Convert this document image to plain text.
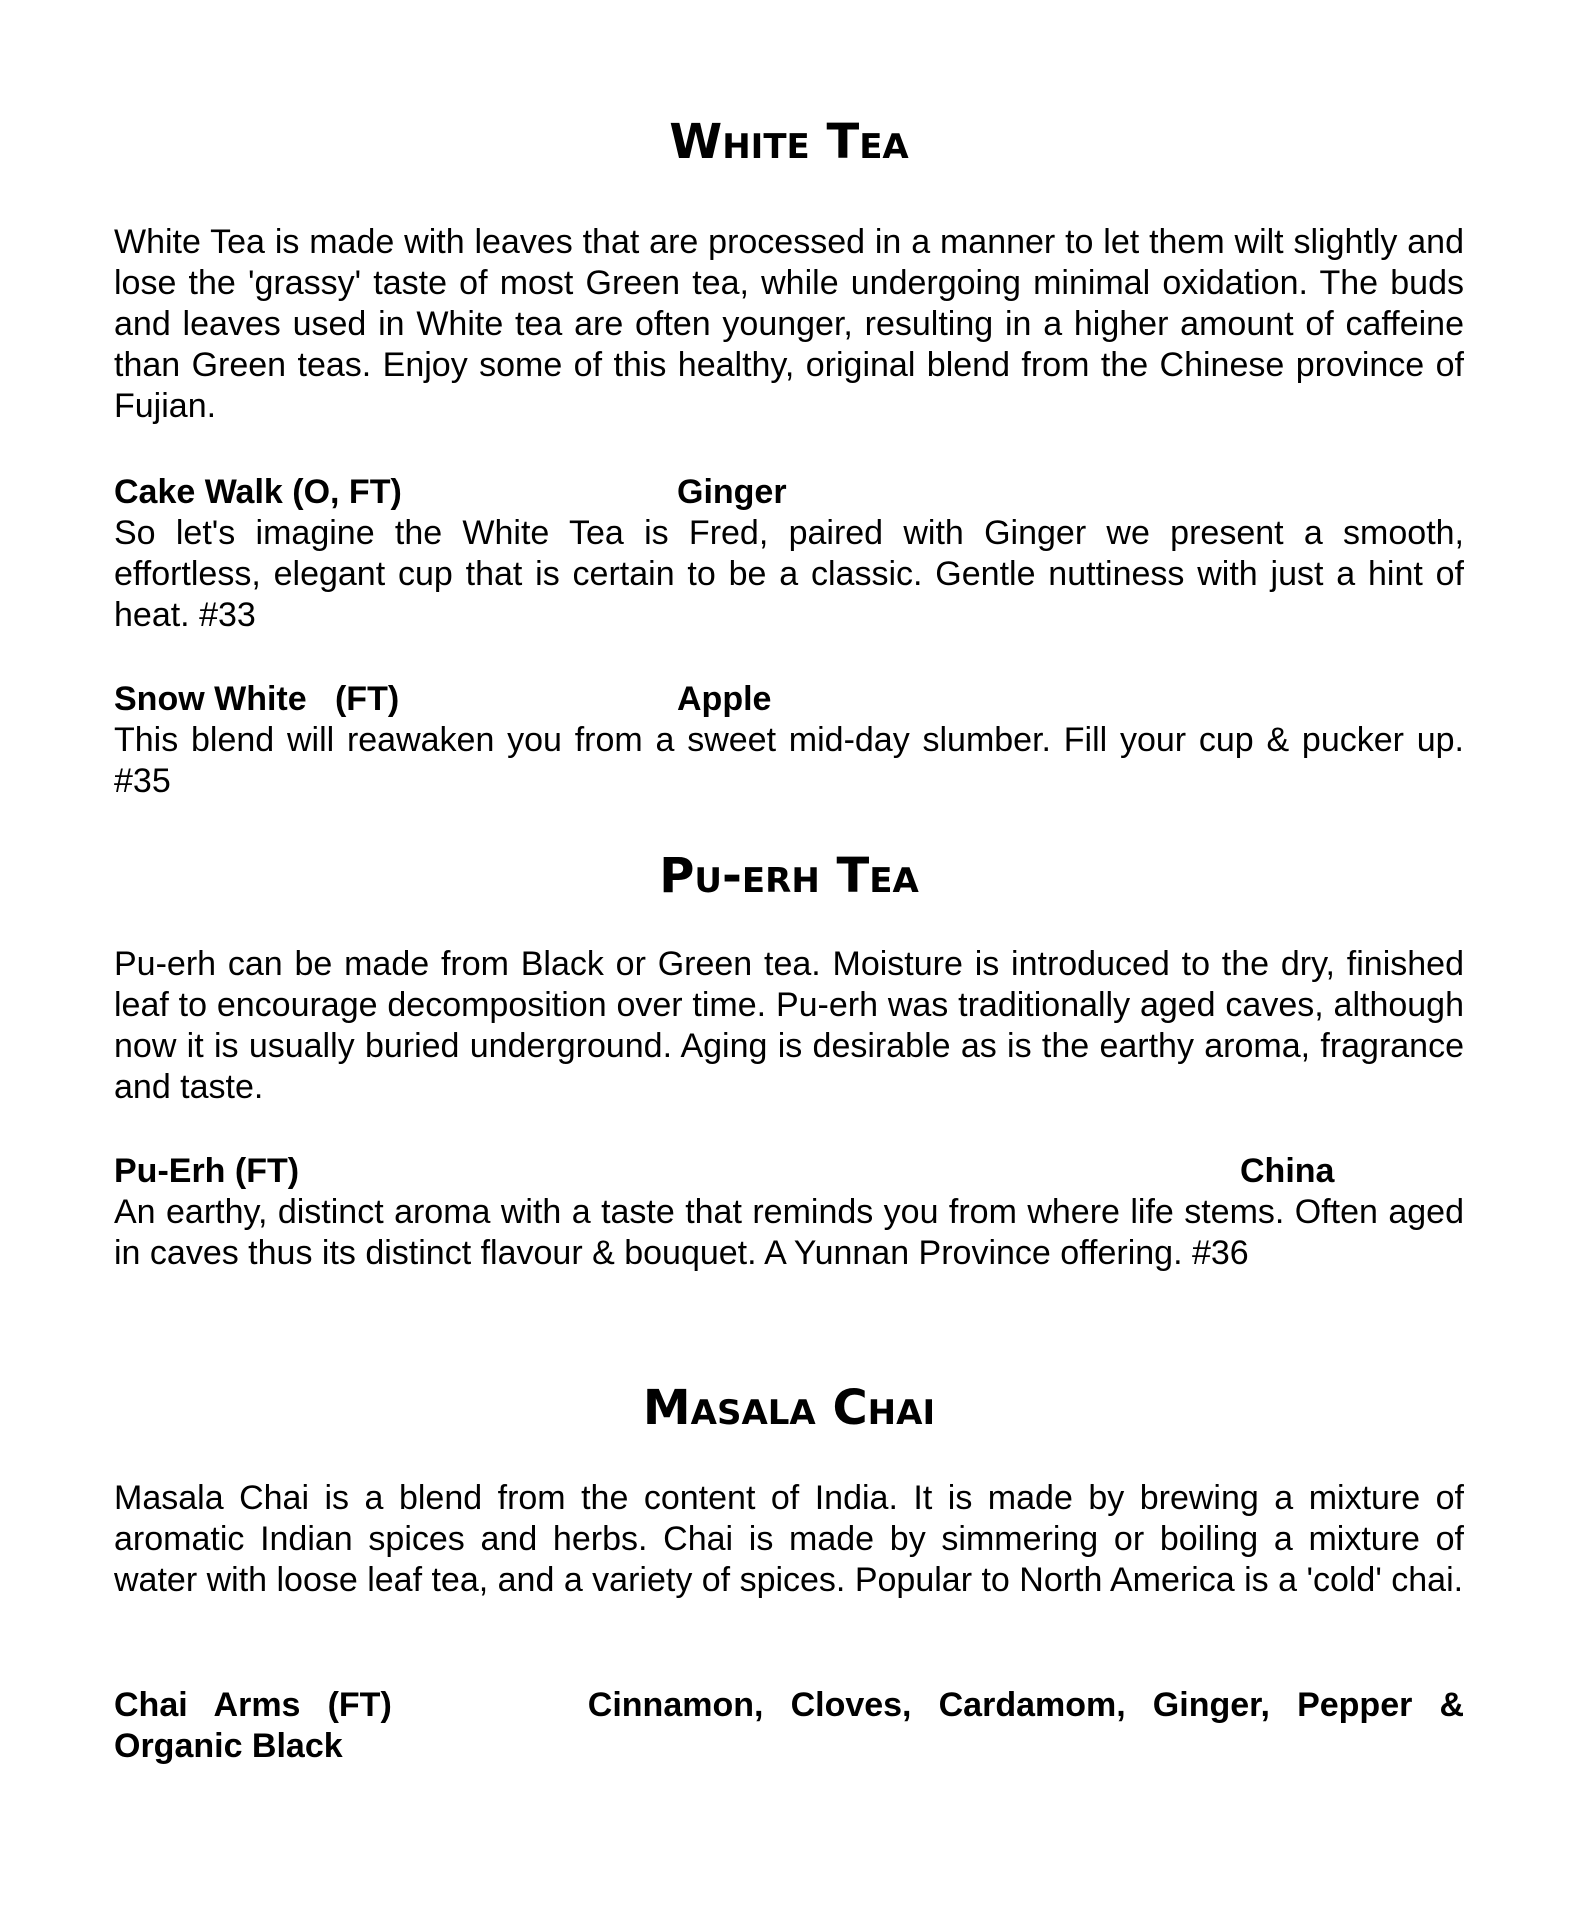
White Tea

White Tea is made with leaves that are processed in a manner to let them wilt slightly and lose the 'grassy' taste of most Green tea, while undergoing minimal oxidation. The buds and leaves used in White tea are often younger, resulting in a higher amount of caffeine than Green teas. Enjoy some of this healthy, original blend from the Chinese province of Fujian.

Cake Walk (O, FT)	Ginger

So let's imagine the White Tea is Fred, paired with Ginger we present a smooth, effortless, elegant cup that is certain to be a classic. Gentle nuttiness with just a hint of heat. #33

Snow White   (FT)	Apple

This blend will reawaken you from a sweet mid-day slumber. Fill your cup & pucker up. #35

Pu-erh Tea

Pu-erh can be made from Black or Green tea. Moisture is introduced to the dry, finished leaf to encourage decomposition over time. Pu-erh was traditionally aged caves, although now it is usually buried underground. Aging is desirable as is the earthy aroma, fragrance and taste.

Pu-Erh (FT)	China

An earthy, distinct aroma with a taste that reminds you from where life stems. Often aged in caves thus its distinct flavour & bouquet. A Yunnan Province offering. #36

Masala Chai

Masala Chai is a blend from the content of India. It is made by brewing a mixture of aromatic Indian spices and herbs. Chai is made by simmering or boiling a mixture of water with loose leaf tea, and a variety of spices. Popular to North America is a 'cold' chai.

Chai Arms (FT)	Cinnamon, Cloves, Cardamom, Ginger, Pepper & Organic Black
